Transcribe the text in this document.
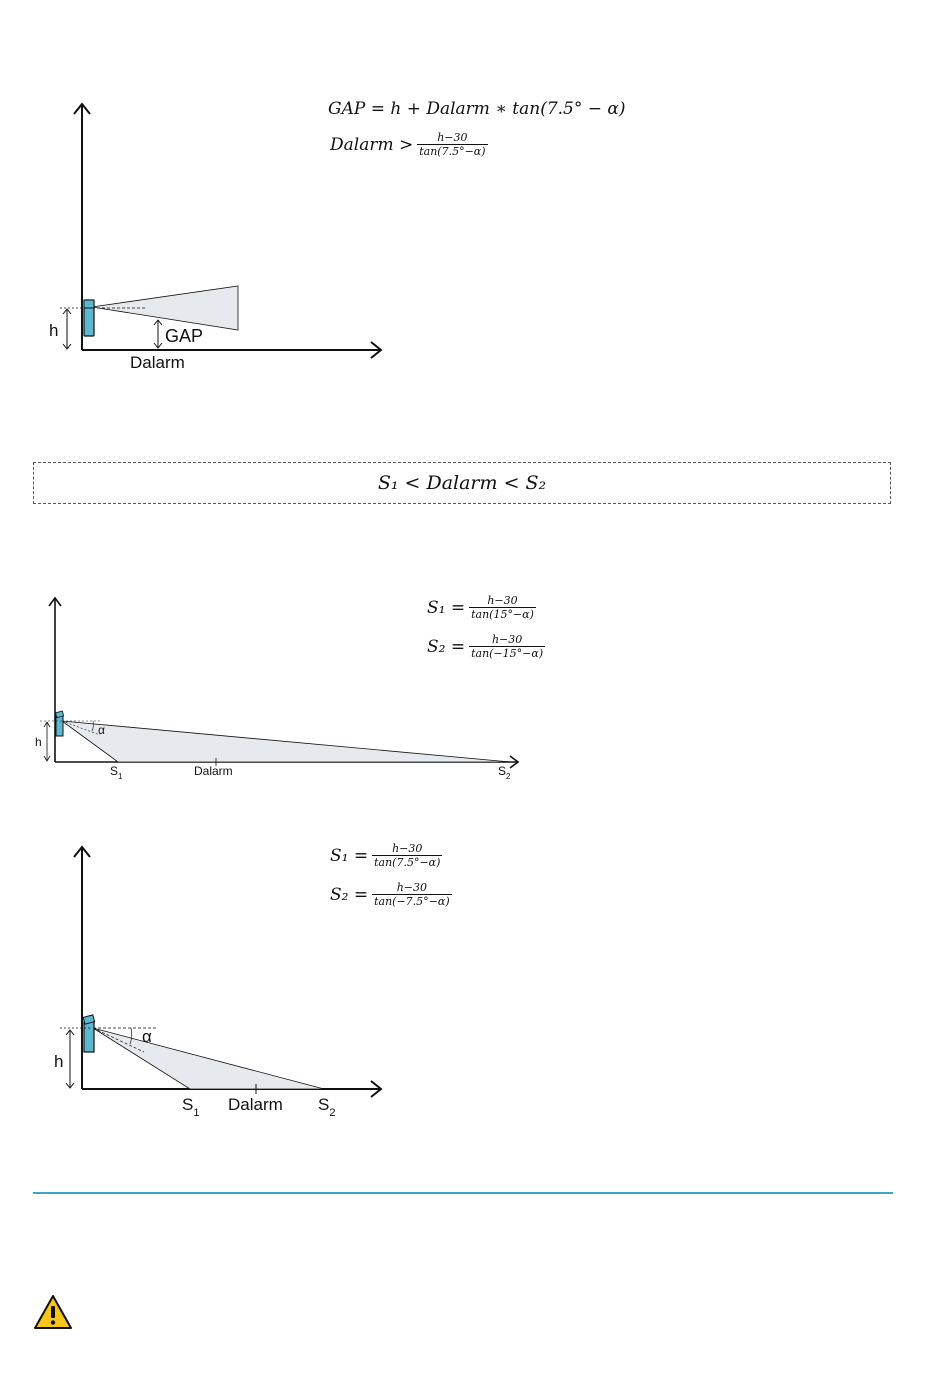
h	GAP
Dalarm
GAP = h + Dalarm ∗ tan(7.5° − α)
Dalarm > $\frac{h-30}{\tan(7.5^\circ-\alpha)}$
S₁ < Dalarm < S₂
h
α
$S_1$	Dalarm	$S_2$
$S_1 = \frac{h-30}{\tan(15^\circ-\alpha)}$
$S_2 = \frac{h-30}{\tan(-15^\circ-\alpha)}$
h
α
$S_1$ Dalarm $S_2$
$S_1 = \frac{h-30}{\tan(7.5^\circ-\alpha)}$
$S_2 = \frac{h-30}{\tan(-7.5^\circ-\alpha)}$
